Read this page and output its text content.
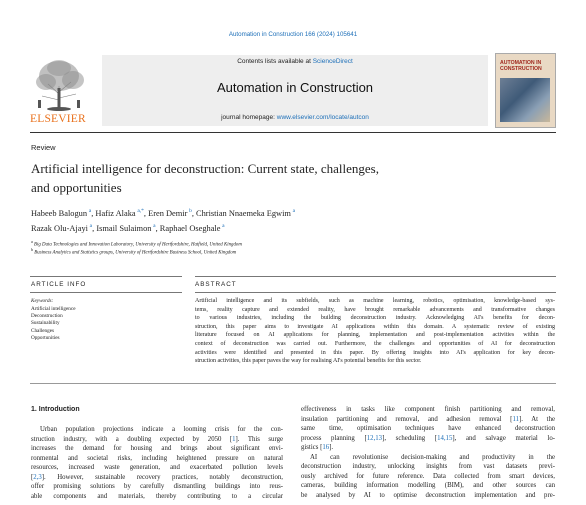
Automation in Construction 166 (2024) 105641
ELSEVIER
Contents lists available at ScienceDirect
Automation in Construction
journal homepage: www.elsevier.com/locate/autcon
AUTOMATION IN
CONSTRUCTION
Review
Artificial intelligence for deconstruction: Current state, challenges,
and opportunities
Habeeb Balogun  $^a$, Hafiz Alaka  $^{a,*}$, Eren Demir  $^b$, Christian Nnaemeka Egwim  $^a$
Razak Olu-Ajayi  $^a$, Ismail Sulaimon  $^a$, Raphael Oseghale  $^a$
$^a$ Big Data Technologies and Innovation Laboratory, University of Hertfordshire, Hatfield, United Kingdom
$^b$ Business Analytics and Statistics groups, University of Hertfordshire Business School, United Kingdom
ARTICLE INFO	ABSTRACT
Keywords:
Artificial intelligence
Deconstruction
Sustainability
Challenges
Opportunities
Artificial intelligence and its subfields, such as machine learning, robotics, optimisation, knowledge-based sys-
tems, reality capture and extended reality, have brought remarkable advancements and transformative changes
to various industries, including the building deconstruction industry. Acknowledging AI's benefits for decon-
struction, this paper aims to investigate AI applications within this domain. A systematic review of existing
literature focused on AI applications for planning, implementation and post-implementation activities within the
context of deconstruction was carried out. Furthermore, the challenges and opportunities of AI for deconstruction
activities were identified and presented in this paper. By offering insights into AI's application for key decon-
struction activities, this paper paves the way for realising AI's potential benefits for this sector.
1. Introduction
Urban population projections indicate a looming crisis for the con-
struction industry, with a doubling expected by 2050 [1]. This surge
increases the demand for housing and brings about significant envi-
ronmental and societal risks, including heightened pressure on natural
resources, increased waste generation, and exacerbated pollution levels
[2,3]. However, sustainable recovery practices, notably deconstruction,
offer promising solutions by carefully dismantling buildings into reus-
able components and materials, thereby contributing to a circular
effectiveness in tasks like component finish partitioning and removal,
insulation partitioning and removal, and adhesion removal [11]. At the
same time, optimisation techniques have enhanced deconstruction
process planning [12,13], scheduling [14,15], and salvage material lo-
gistics [16].
AI can revolutionise decision-making and productivity in the
deconstruction industry, unlocking insights from vast datasets previ-
ously archived for future reference. Data collected from smart devices,
cameras, building information modelling (BIM), and other sources can
be analysed by AI to optimise deconstruction implementation and pre-
